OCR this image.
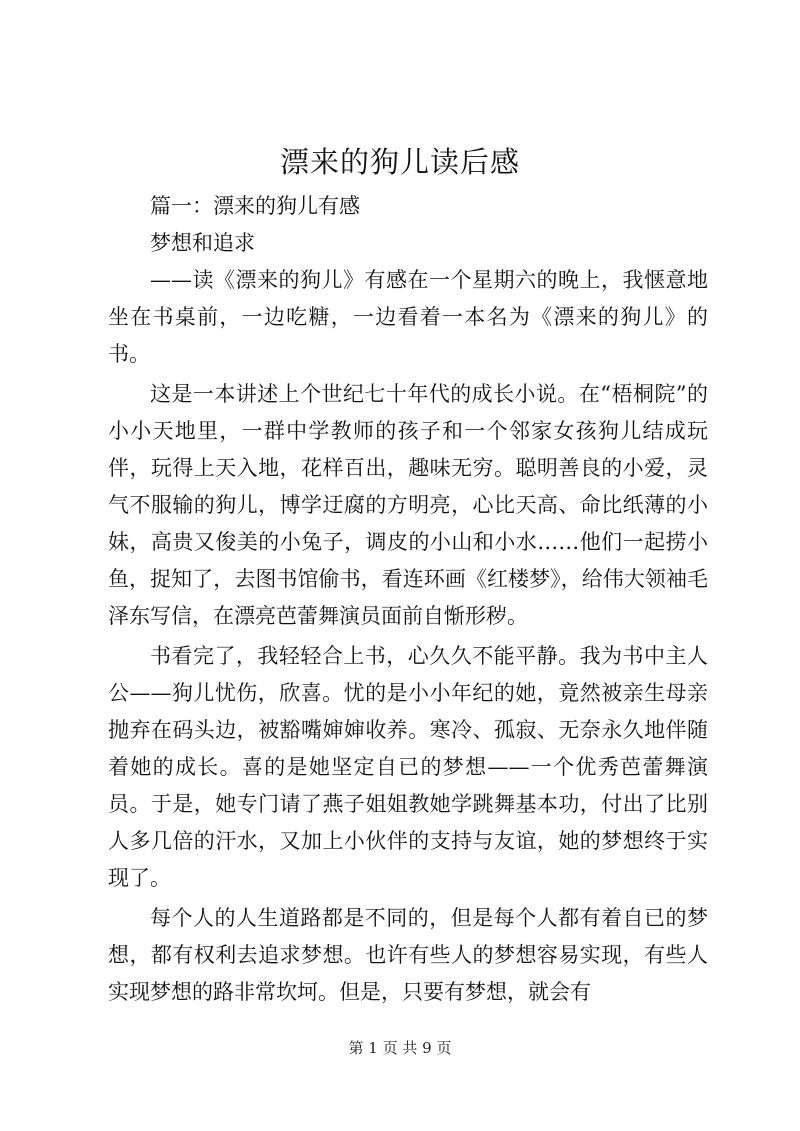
漂来的狗儿读后感

篇一：漂来的狗儿有感

梦想和追求

——读《漂来的狗儿》有感在一个星期六的晚上，我惬意地坐在书桌前，一边吃糖，一边看着一本名为《漂来的狗儿》的书。

这是一本讲述上个世纪七十年代的成长小说。在“梧桐院”的小小天地里，一群中学教师的孩子和一个邻家女孩狗儿结成玩伴，玩得上天入地，花样百出，趣味无穷。聪明善良的小爱，灵气不服输的狗儿，博学迂腐的方明亮，心比天高、命比纸薄的小妹，高贵又俊美的小兔子，调皮的小山和小水……他们一起捞小鱼，捉知了，去图书馆偷书，看连环画《红楼梦》，给伟大领袖毛泽东写信，在漂亮芭蕾舞演员面前自惭形秽。

书看完了，我轻轻合上书，心久久不能平静。我为书中主人公——狗儿忧伤，欣喜。忧的是小小年纪的她，竟然被亲生母亲抛弃在码头边，被豁嘴婶婶收养。寒冷、孤寂、无奈永久地伴随着她的成长。喜的是她坚定自已的梦想——一个优秀芭蕾舞演员。于是，她专门请了燕子姐姐教她学跳舞基本功，付出了比别人多几倍的汗水，又加上小伙伴的支持与友谊，她的梦想终于实现了。

每个人的人生道路都是不同的，但是每个人都有着自已的梦想，都有权利去追求梦想。也许有些人的梦想容易实现，有些人实现梦想的路非常坎坷。但是，只要有梦想，就会有

第 1 页 共 9 页
